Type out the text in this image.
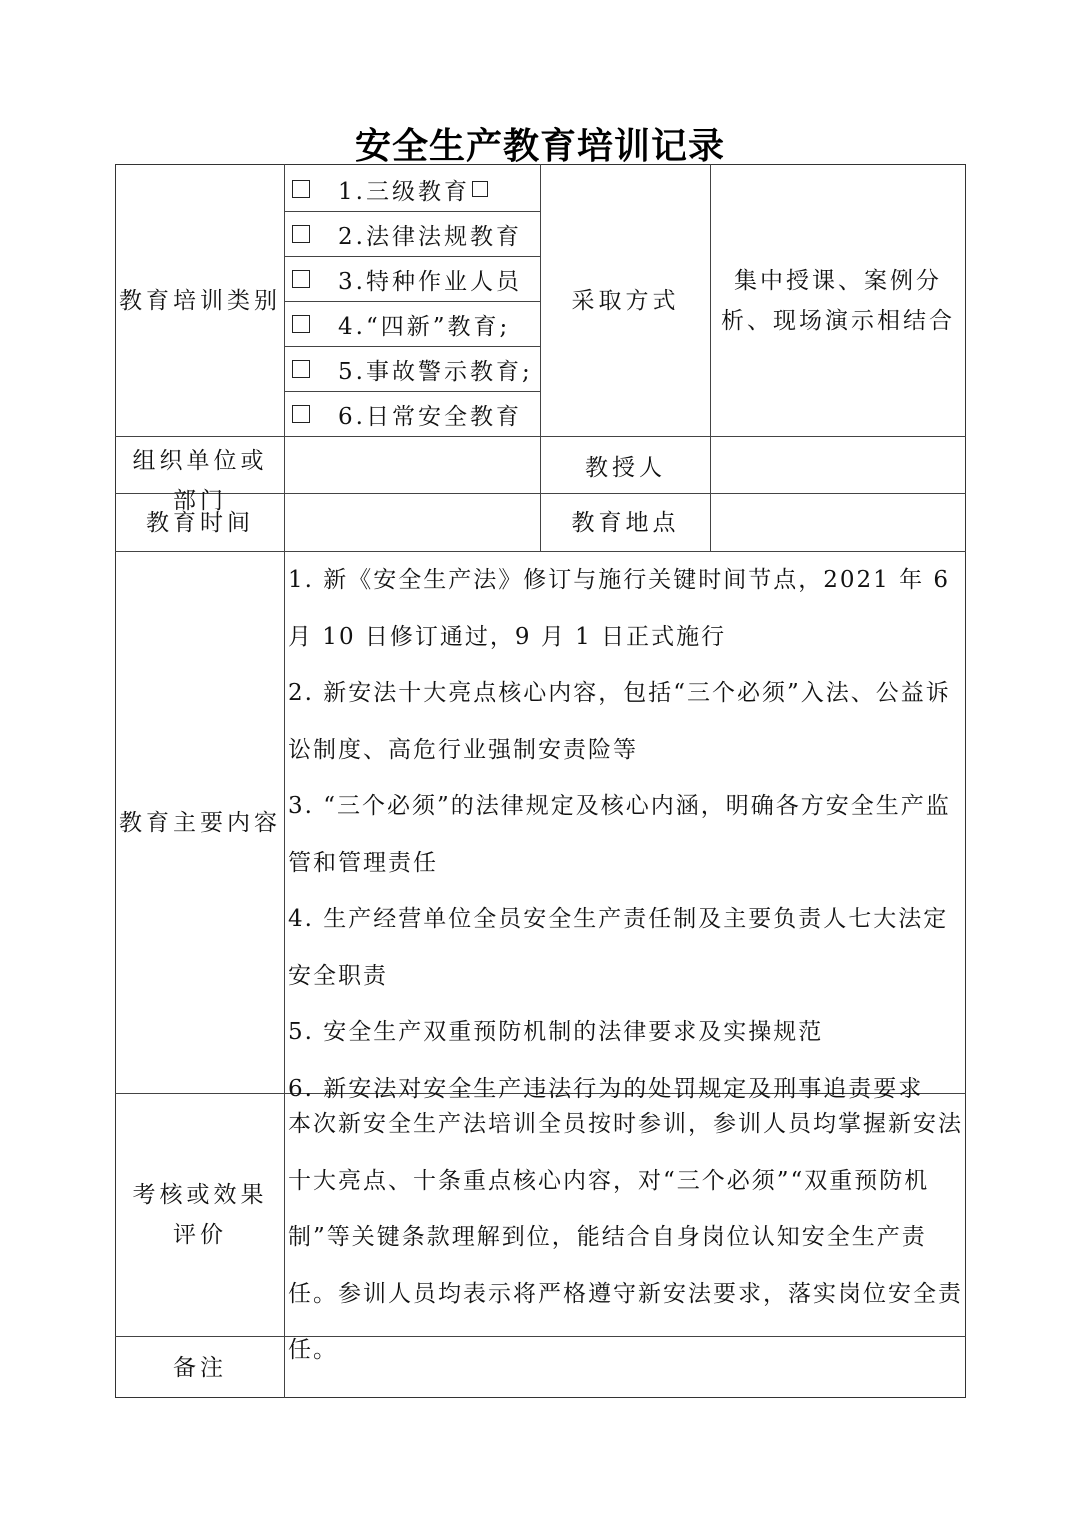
安全生产教育培训记录
教育培训类别	采取方式
集中授课、案例分析、现场演示相结合
组织单位或部门
教授人
教育时间	教育地点
教育主要内容
考核或效果评价
备注
1.三级教育
2.法律法规教育
3.特种作业人员
4.“四新”教育;
5.事故警示教育;
6.日常安全教育

1. 新《安全生产法》修订与施行关键时间节点，2021 年 6 月 10 日修订通过，9 月 1 日正式施行

2. 新安法十大亮点核心内容，包括“三个必须”入法、公益诉讼制度、高危行业强制安责险等

3. “三个必须”的法律规定及核心内涵，明确各方安全生产监管和管理责任

4. 生产经营单位全员安全生产责任制及主要负责人七大法定安全职责

5. 安全生产双重预防机制的法律要求及实操规范

6. 新安法对安全生产违法行为的处罚规定及刑事追责要求

本次新安全生产法培训全员按时参训，参训人员均掌握新安法十大亮点、十条重点核心内容，对“三个必须”“双重预防机制”等关键条款理解到位，能结合自身岗位认知安全生产责任。参训人员均表示将严格遵守新安法要求，落实岗位安全责任。
